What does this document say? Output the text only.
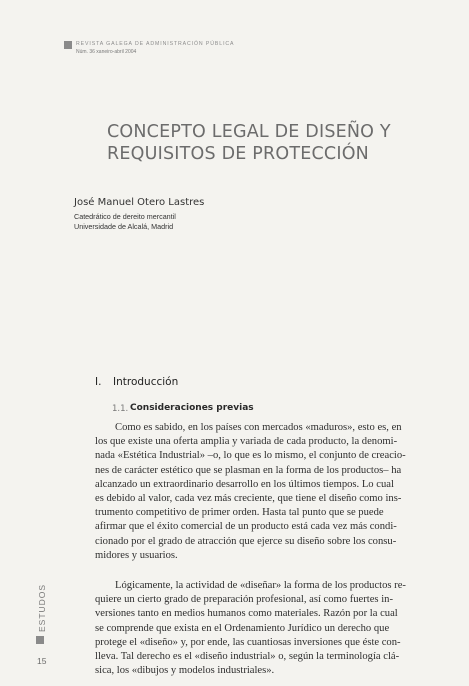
REVISTA GALEGA DE ADMINISTRACIÓN PÚBLICA
Núm. 36 xaneiro-abril 2004
CONCEPTO LEGAL DE DISEÑO Y
REQUISITOS DE PROTECCIÓN
José Manuel Otero Lastres
Catedrático de dereito mercantil
Universidade de Alcalá, Madrid
I. Introducción
1.1. Consideraciones previas
Como es sabido, en los países con mercados «maduros», esto es, en
los que existe una oferta amplia y variada de cada producto, la denomi-
nada «Estética Industrial» –o, lo que es lo mismo, el conjunto de creacio-
nes de carácter estético que se plasman en la forma de los productos– ha
alcanzado un extraordinario desarrollo en los últimos tiempos. Lo cual
es debido al valor, cada vez más creciente, que tiene el diseño como ins-
trumento competitivo de primer orden. Hasta tal punto que se puede
afirmar que el éxito comercial de un producto está cada vez más condi-
cionado por el grado de atracción que ejerce su diseño sobre los consu-
midores y usuarios.
Lógicamente, la actividad de «diseñar» la forma de los productos re-
quiere un cierto grado de preparación profesional, así como fuertes in-
versiones tanto en medios humanos como materiales. Razón por la cual
se comprende que exista en el Ordenamiento Jurídico un derecho que
protege el «diseño» y, por ende, las cuantiosas inversiones que éste con-
lleva. Tal derecho es el «diseño industrial» o, según la terminología clá-
sica, los «dibujos y modelos industriales».
ESTUDOS
15
